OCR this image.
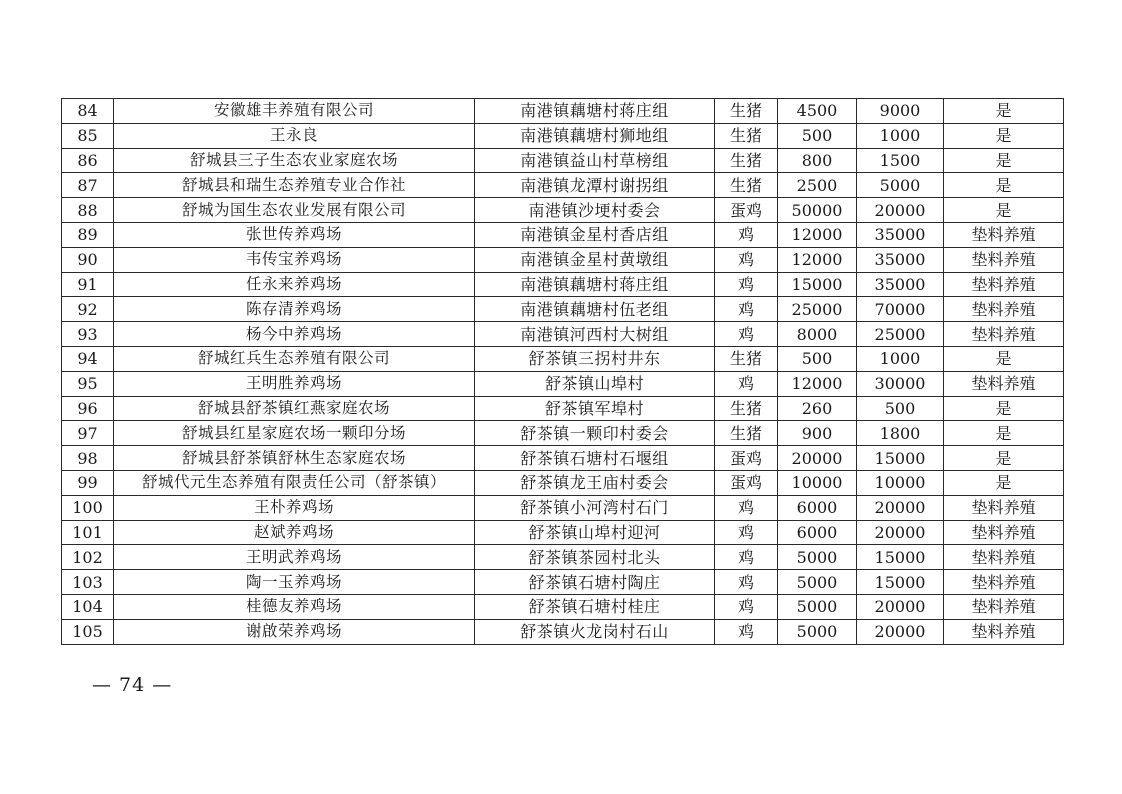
84	安徽雄丰养殖有限公司	南港镇藕塘村蒋庄组	生猪	4500	9000	是
85	王永良	南港镇藕塘村狮地组	生猪	500	1000	是
86	舒城县三子生态农业家庭农场	南港镇益山村草榜组	生猪	800	1500	是
87	舒城县和瑞生态养殖专业合作社	南港镇龙潭村谢拐组	生猪	2500	5000	是
88	舒城为国生态农业发展有限公司	南港镇沙埂村委会	蛋鸡	50000	20000	是
89	张世传养鸡场	南港镇金星村香店组	鸡	12000	35000	垫料养殖
90	韦传宝养鸡场	南港镇金星村黄墩组	鸡	12000	35000	垫料养殖
91	任永来养鸡场	南港镇藕塘村蒋庄组	鸡	15000	35000	垫料养殖
92	陈存清养鸡场	南港镇藕塘村伍老组	鸡	25000	70000	垫料养殖
93	杨今中养鸡场	南港镇河西村大树组	鸡	8000	25000	垫料养殖
94	舒城红兵生态养殖有限公司	舒茶镇三拐村井东	生猪	500	1000	是
95	王明胜养鸡场	舒茶镇山埠村	鸡	12000	30000	垫料养殖
96	舒城县舒茶镇红燕家庭农场	舒茶镇军埠村	生猪	260	500	是
97	舒城县红星家庭农场一颗印分场	舒茶镇一颗印村委会	生猪	900	1800	是
98	舒城县舒茶镇舒林生态家庭农场	舒茶镇石塘村石堰组	蛋鸡	20000	15000	是
99	舒城代元生态养殖有限责任公司（舒茶镇）	舒茶镇龙王庙村委会	蛋鸡	10000	10000	是
100	王朴养鸡场	舒茶镇小河湾村石门	鸡	6000	20000	垫料养殖
101	赵斌养鸡场	舒茶镇山埠村迎河	鸡	6000	20000	垫料养殖
102	王明武养鸡场	舒茶镇茶园村北头	鸡	5000	15000	垫料养殖
103	陶一玉养鸡场	舒茶镇石塘村陶庄	鸡	5000	15000	垫料养殖
104	桂德友养鸡场	舒茶镇石塘村桂庄	鸡	5000	20000	垫料养殖
105	谢啟荣养鸡场	舒茶镇火龙岗村石山	鸡	5000	20000	垫料养殖
— 74 —
